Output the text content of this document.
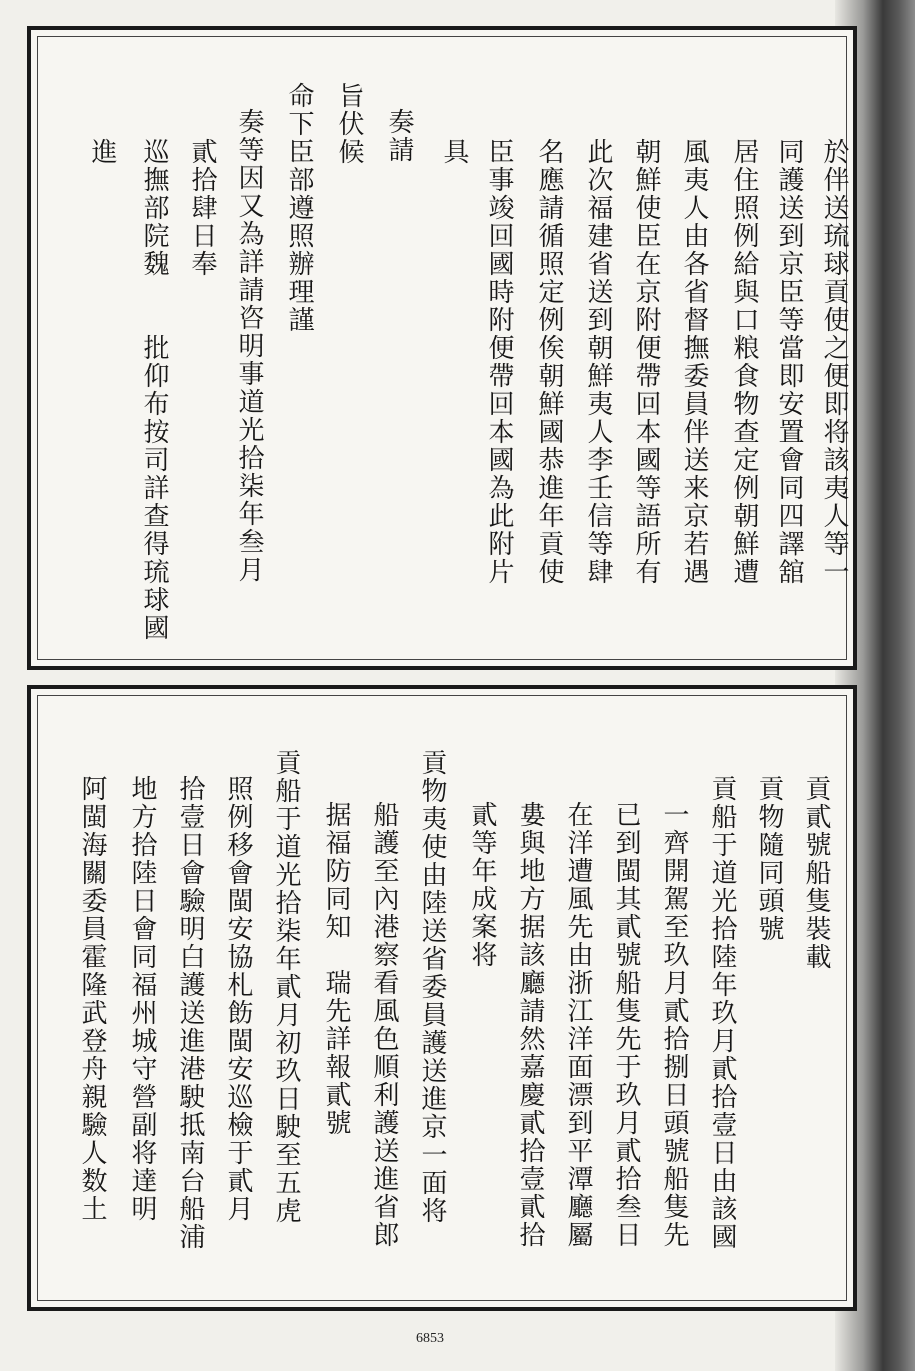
於伴送琉球貢使之便即将該夷人等一
同護送到京臣等當即安置會同四譯舘
居住照例給與口粮食物查定例朝鮮遭
風夷人由各省督撫委員伴送来京若遇
朝鮮使臣在京附便帶回本國等語所有
此次福建省送到朝鮮夷人李壬信等肆
名應請循照定例俟朝鮮國恭進年貢使
臣事竣回國時附便帶回本國為此附片
具
奏請
旨伏候
命下臣部遵照辦理謹
奏等因又為詳請咨明事道光拾柒年叁月
貳拾肆日奉
巡撫部院魏　　批仰布按司詳查得琉球國
進
貢貳號船隻裝載
貢物隨同頭號
貢船于道光拾陸年玖月貳拾壹日由該國
一齊開駕至玖月貳拾捌日頭號船隻先
已到閩其貳號船隻先于玖月貳拾叁日
在洋遭風先由浙江洋面漂到平潭廳屬
婁與地方据該廳請然嘉慶貳拾壹貳拾
貳等年成案将
貢物夷使由陸送省委員護送進京一面将
船護至內港察看風色順利護送進省郎
据福防同知　瑞先詳報貳號
貢船于道光拾柒年貳月初玖日駛至五虎
照例移會閩安協札飭閩安巡檢于貳月
拾壹日會驗明白護送進港駛抵南台船浦
地方拾陸日會同福州城守營副将達明
阿閩海關委員霍隆武登舟親驗人数土
6853
